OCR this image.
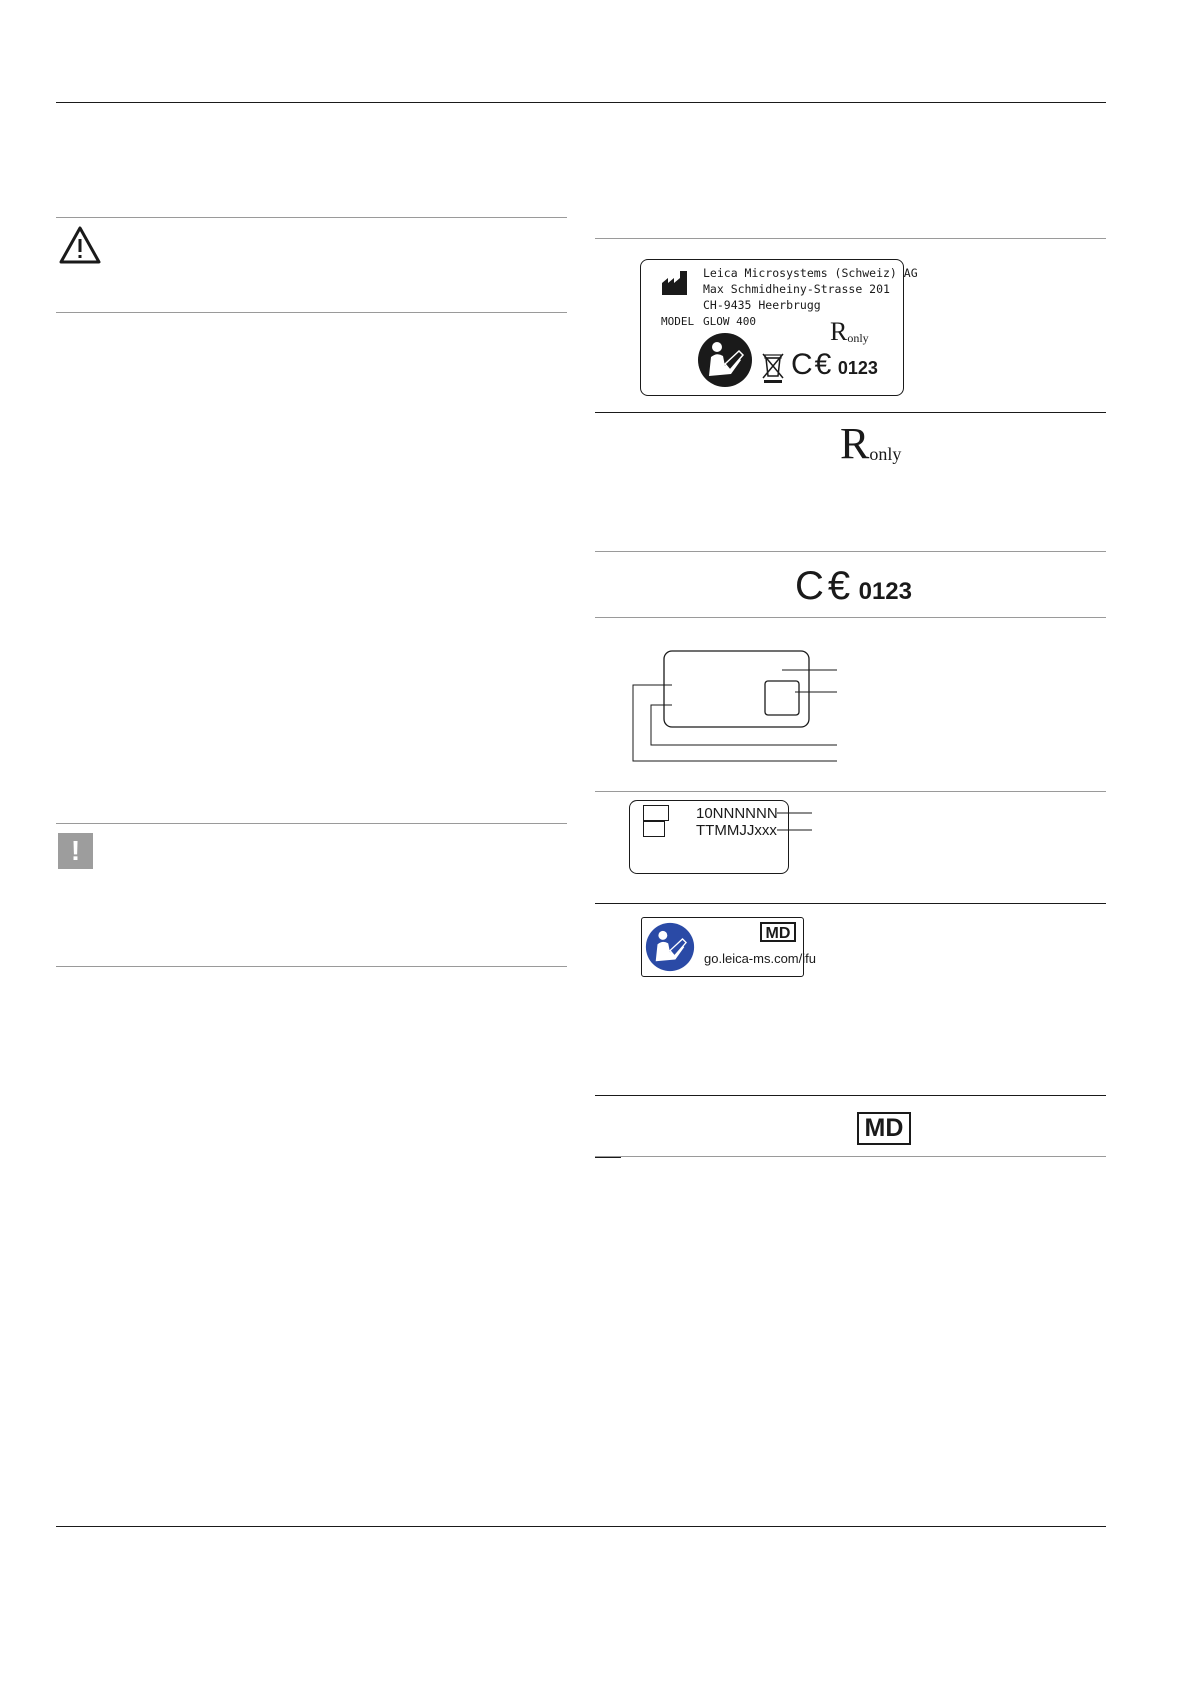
!
Leica Microsystems (Schweiz) AG
Max Schmidheiny-Strasse 201
CH-9435 Heerbrugg
MODEL GLOW 400	Ronly
C€ 0123
Ronly
C€ 0123
10NNNNNN
TTMMJJxxx
MD
go.leica-ms.com/ifu
MD
